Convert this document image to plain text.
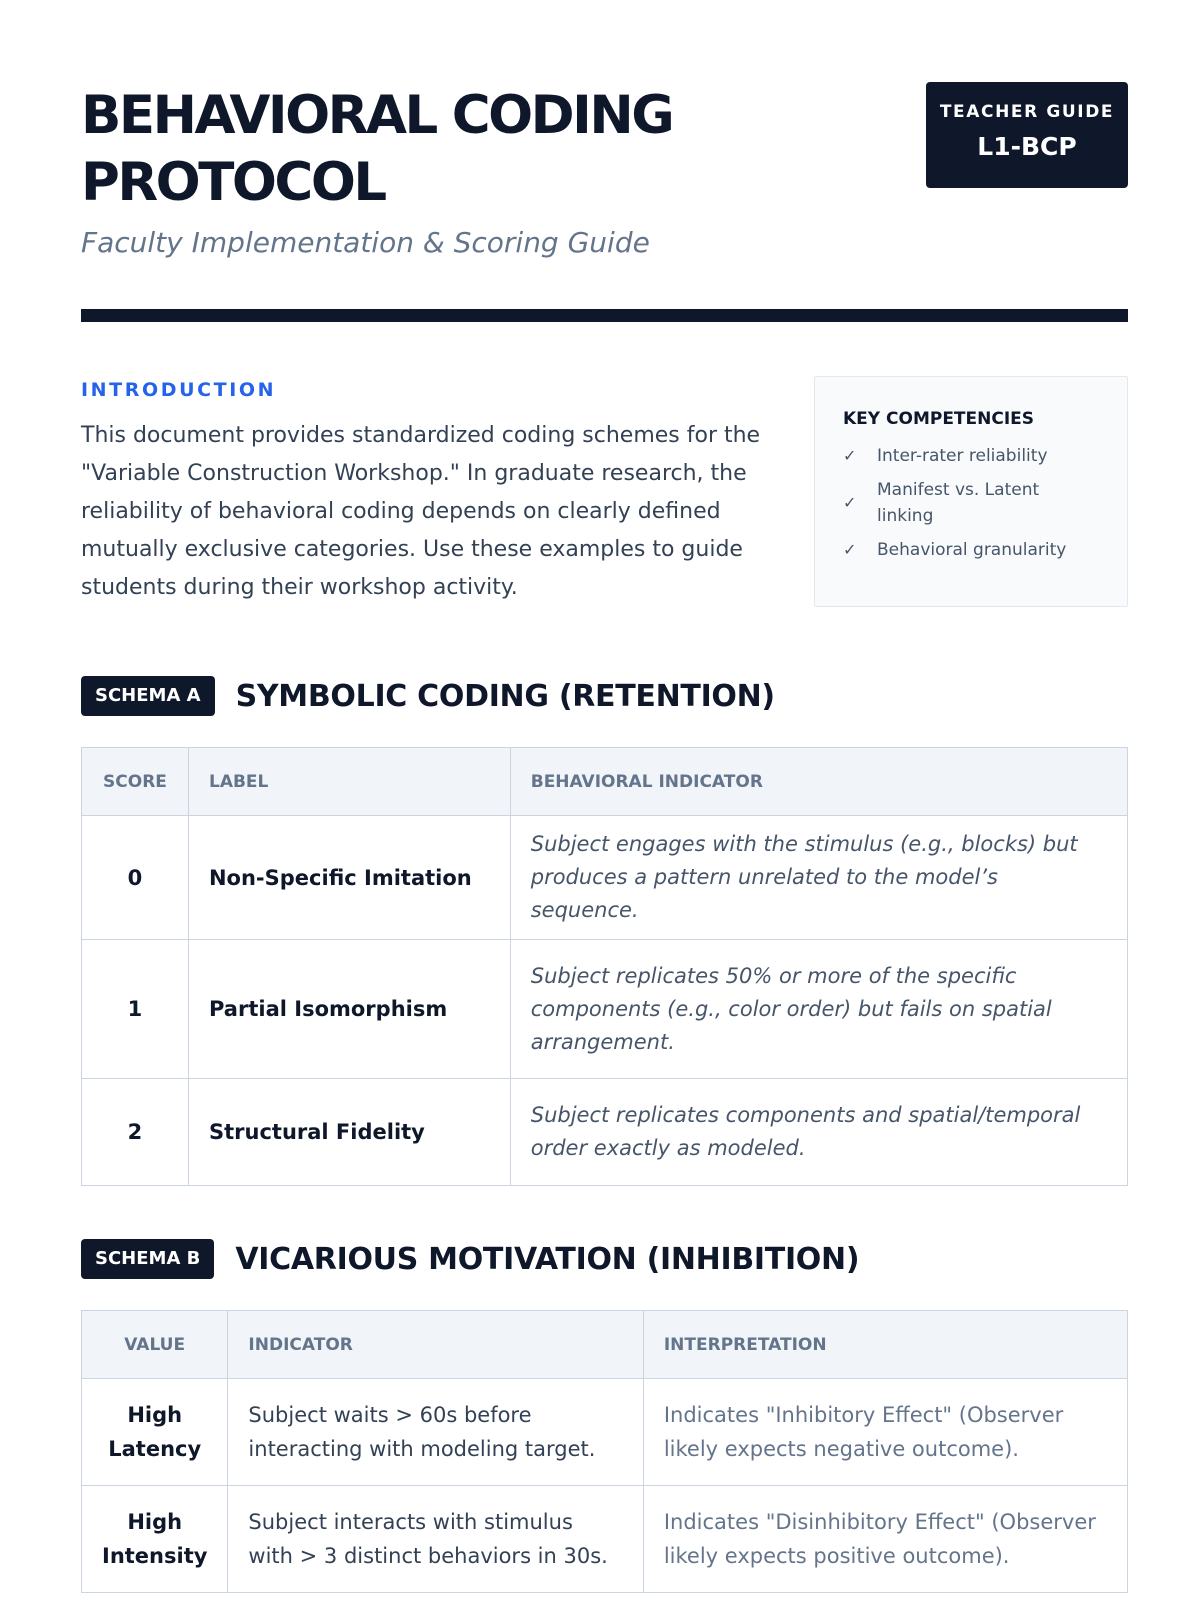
BEHAVIORAL CODING
PROTOCOL
Faculty Implementation & Scoring Guide
TEACHER GUIDE
L1-BCP
INTRODUCTION

This document provides standardized coding schemes for the "Variable Construction Workshop." In graduate research, the reliability of behavioral coding depends on clearly defined mutually exclusive categories. Use these examples to guide students during their workshop activity.

KEY COMPETENCIES
✓	Inter-rater reliability
✓
Manifest vs. Latent linking
✓	Behavioral granularity
SCHEMA A	SYMBOLIC CODING (RETENTION)
SCORE	LABEL	BEHAVIORAL INDICATOR
0	Non-Specific Imitation	Subject engages with the stimulus (e.g., blocks) but produces a pattern unrelated to the model’s sequence.
1	Partial Isomorphism	Subject replicates 50% or more of the specific components (e.g., color order) but fails on spatial arrangement.
2	Structural Fidelity	Subject replicates components and spatial/temporal order exactly as modeled.
SCHEMA B	VICARIOUS MOTIVATION (INHIBITION)
VALUE	INDICATOR	INTERPRETATION
High Latency	Subject waits > 60s before interacting with modeling target.	Indicates "Inhibitory Effect" (Observer likely expects negative outcome).
High Intensity	Subject interacts with stimulus with > 3 distinct behaviors in 30s.	Indicates "Disinhibitory Effect" (Observer likely expects positive outcome).
